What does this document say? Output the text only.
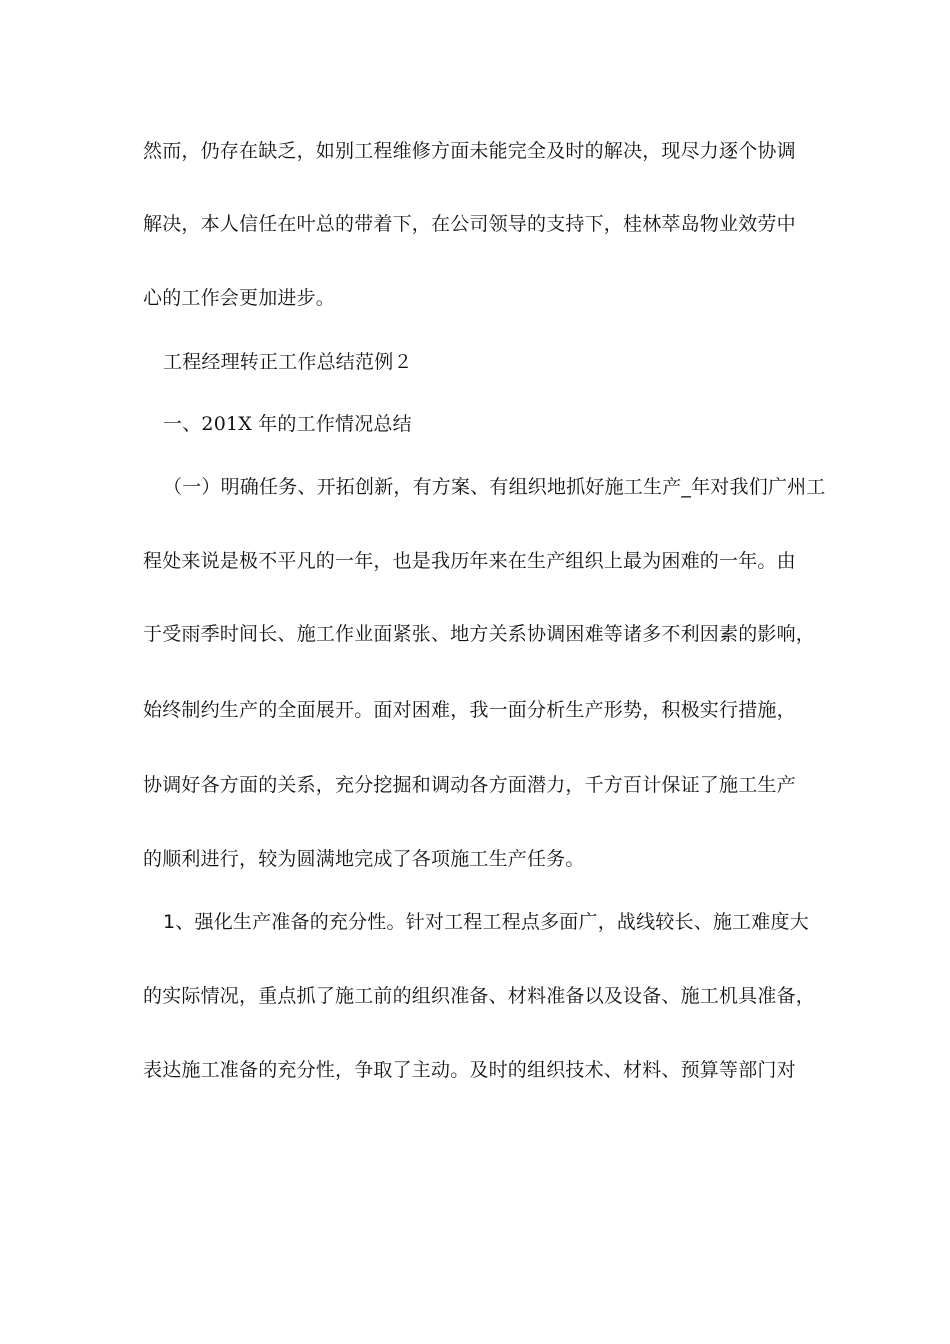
然而，仍存在缺乏，如别工程维修方面未能完全及时的解决，现尽力逐个协调
解决，本人信任在叶总的带着下，在公司领导的支持下，桂林萃岛物业效劳中
心的工作会更加进步。
工程经理转正工作总结范例２
一、201X 年的工作情况总结
（一）明确任务、开拓创新，有方案、有组织地抓好施工生产_年对我们广州工
程处来说是极不平凡的一年，也是我历年来在生产组织上最为困难的一年。由
于受雨季时间长、施工作业面紧张、地方关系协调困难等诸多不利因素的影响，
始终制约生产的全面展开。面对困难，我一面分析生产形势，积极实行措施，
协调好各方面的关系，充分挖掘和调动各方面潜力，千方百计保证了施工生产
的顺利进行，较为圆满地完成了各项施工生产任务。
1、强化生产准备的充分性。针对工程工程点多面广，战线较长、施工难度大
的实际情况，重点抓了施工前的组织准备、材料准备以及设备、施工机具准备，
表达施工准备的充分性，争取了主动。及时的组织技术、材料、预算等部门对
